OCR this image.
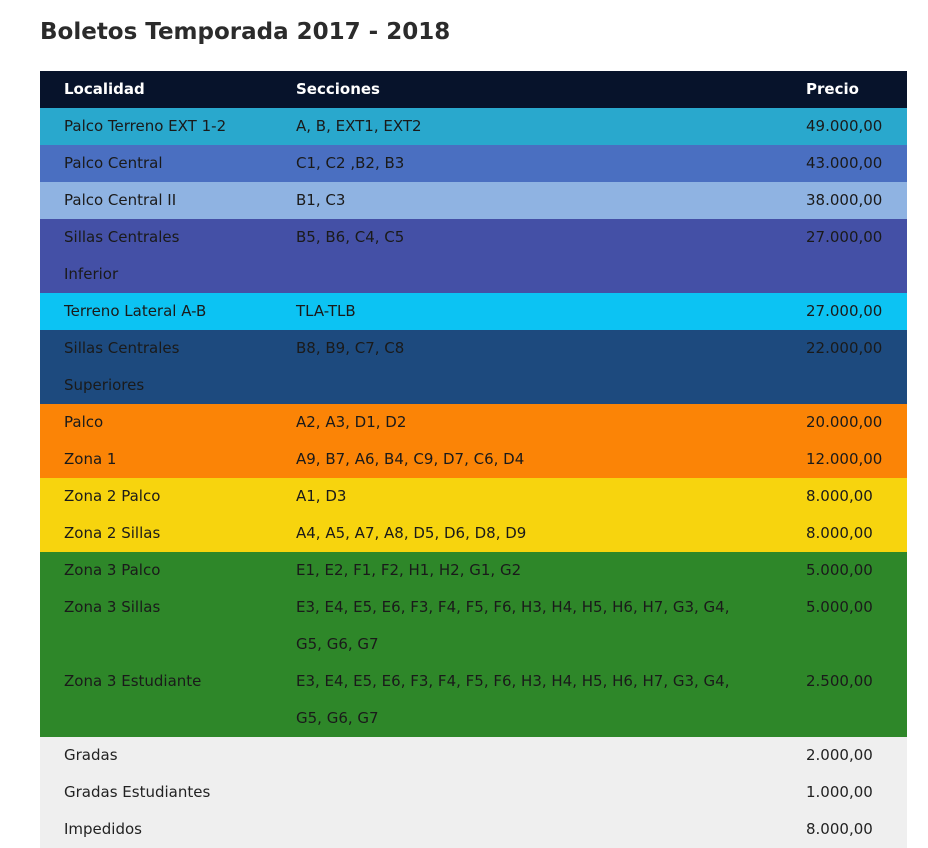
Boletos Temporada 2017 - 2018
Localidad	Secciones	Precio
Palco Terreno EXT 1-2	A, B, EXT1, EXT2	49.000,00
Palco Central	C1, C2 ,B2, B3	43.000,00
Palco Central II	B1, C3	38.000,00
Sillas Centrales Inferior	B5, B6, C4, C5	27.000,00
Terreno Lateral A-B	TLA-TLB	27.000,00
Sillas Centrales Superiores	B8, B9, C7, C8	22.000,00
Palco	A2, A3, D1, D2	20.000,00
Zona 1	A9, B7, A6, B4, C9, D7, C6, D4	12.000,00
Zona 2 Palco	A1, D3	8.000,00
Zona 2 Sillas	A4, A5, A7, A8, D5, D6, D8, D9	8.000,00
Zona 3 Palco	E1, E2, F1, F2, H1, H2, G1, G2	5.000,00
Zona 3 Sillas	E3, E4, E5, E6, F3, F4, F5, F6, H3, H4, H5, H6, H7, G3, G4, G5, G6, G7	5.000,00
Zona 3 Estudiante	E3, E4, E5, E6, F3, F4, F5, F6, H3, H4, H5, H6, H7, G3, G4, G5, G6, G7	2.500,00
Gradas		2.000,00
Gradas Estudiantes		1.000,00
Impedidos		8.000,00
